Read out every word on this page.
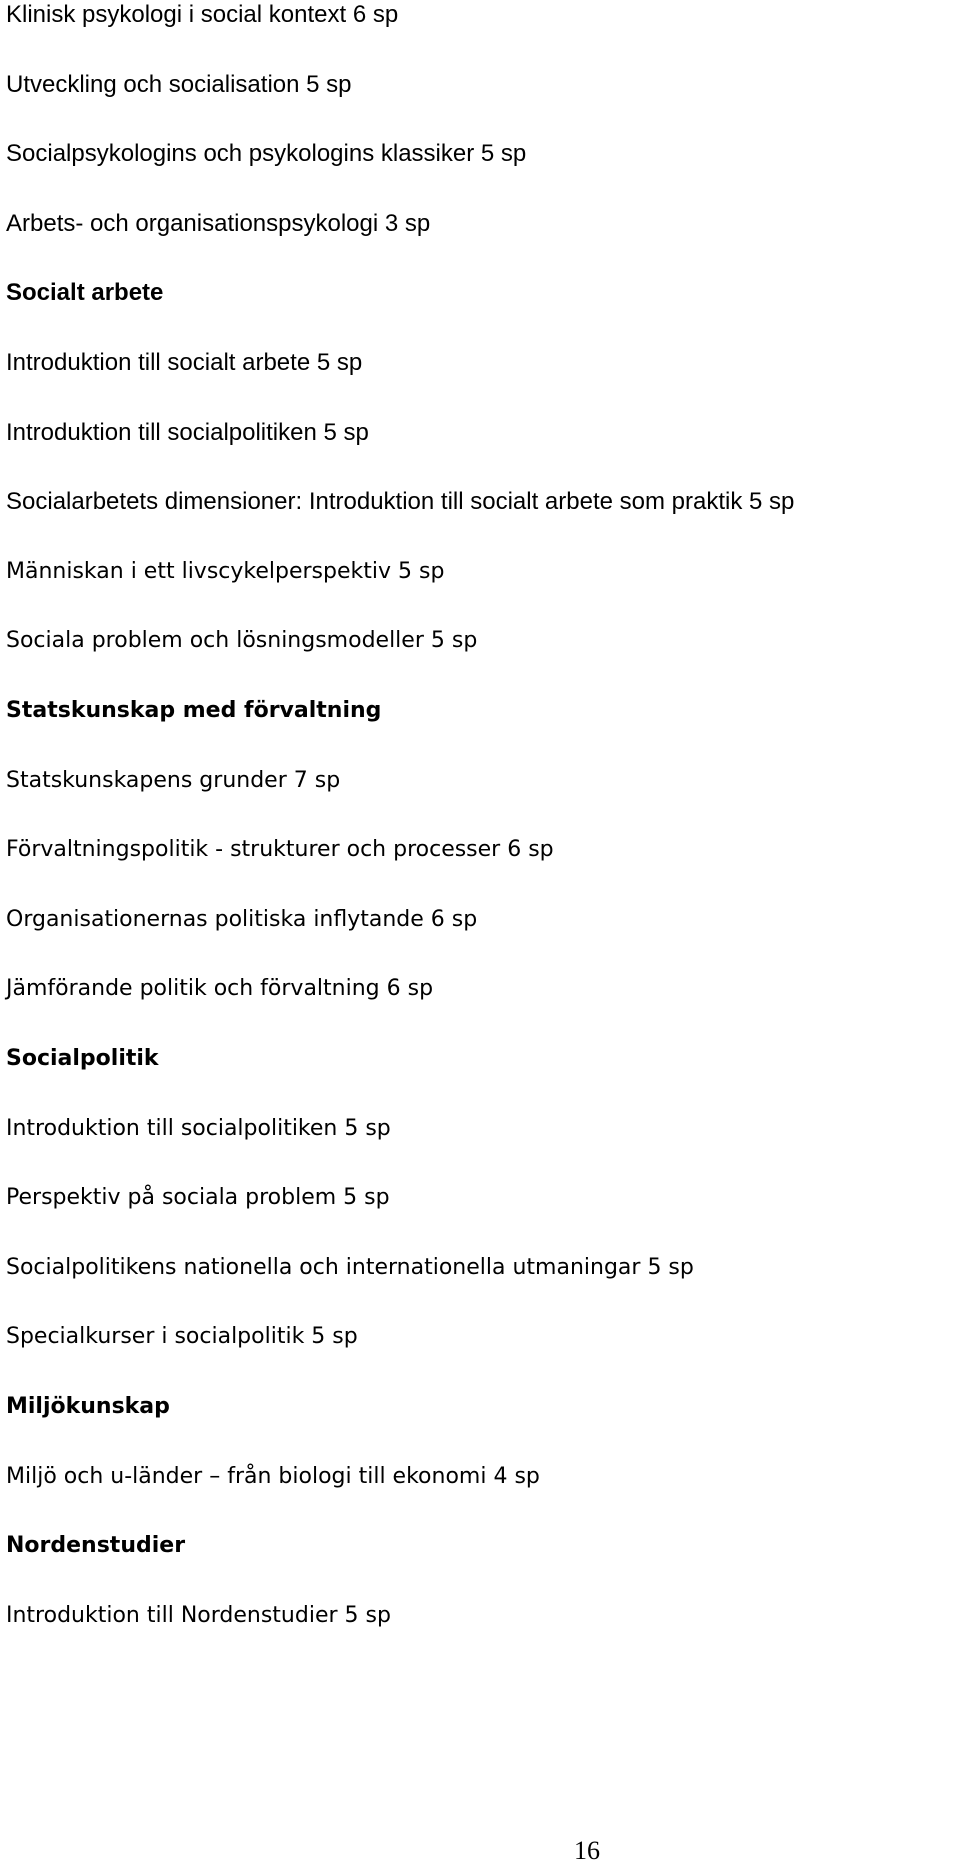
Klinisk psykologi i social kontext 6 sp
Utveckling och socialisation 5 sp
Socialpsykologins och psykologins klassiker 5 sp
Arbets- och organisationspsykologi 3 sp
Socialt arbete
Introduktion till socialt arbete 5 sp
Introduktion till socialpolitiken 5 sp
Socialarbetets dimensioner: Introduktion till socialt arbete som praktik 5 sp
Människan i ett livscykelperspektiv 5 sp
Sociala problem och lösningsmodeller 5 sp
Statskunskap med förvaltning
Statskunskapens grunder 7 sp
Förvaltningspolitik - strukturer och processer 6 sp
Organisationernas politiska inflytande 6 sp
Jämförande politik och förvaltning 6 sp
Socialpolitik
Introduktion till socialpolitiken 5 sp
Perspektiv på sociala problem 5 sp
Socialpolitikens nationella och internationella utmaningar 5 sp
Specialkurser i socialpolitik 5 sp
Miljökunskap
Miljö och u-länder – från biologi till ekonomi 4 sp
Nordenstudier
Introduktion till Nordenstudier 5 sp
16
